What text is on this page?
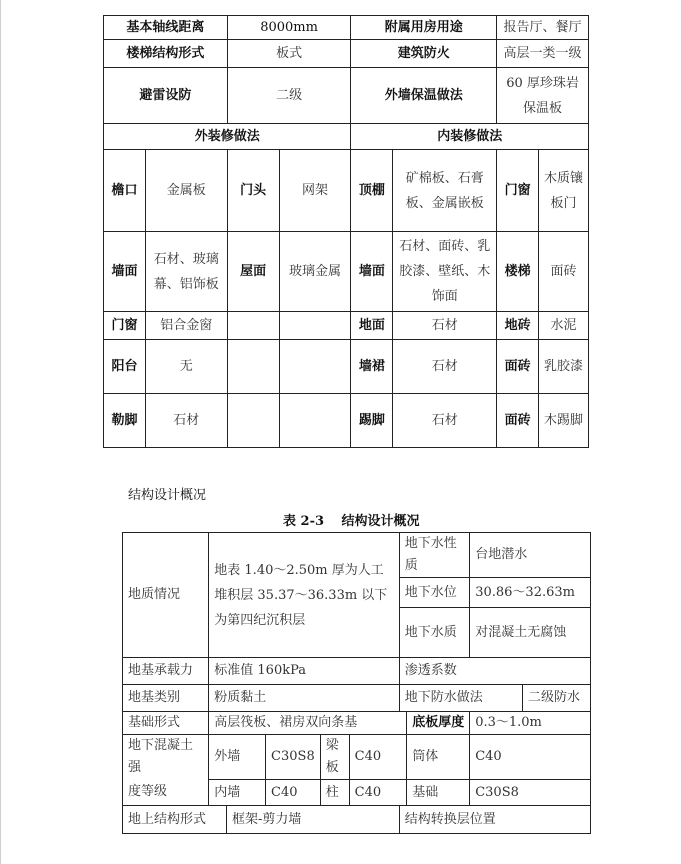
基本轴线距离		8000mm		附属用房用途		报告厅、餐厅	
楼梯结构形式		板式		建筑防火		高层一类一级	
避雷设防		二级		外墙保温做法		60 厚珍珠岩保温板	
外装修做法				内装修做法			
檐口	金属板	门头	网架	顶棚	矿棉板、石膏板、金属嵌板	门窗	木质镶板门
墙面	石材、玻璃幕、铝饰板	屋面	玻璃金属	墙面	石材、面砖、乳胶漆、壁纸、木饰面	楼梯	面砖
门窗	铝合金窗			地面	石材	地砖	水泥
阳台	无			墙裙	石材	面砖	乳胶漆
勒脚	石材			踢脚	石材	面砖	木踢脚
结构设计概况
表 2-3　 结构设计概况
地质情况	地表 1.40～2.50m 厚为人工堆积层 35.37～36.33m 以下为第四纪沉积层					地下水性质		台地潜水	
						地下水位		30.86～32.63m	
						地下水质		对混凝土无腐蚀	
地基承载力	标准值 160kPa					渗透系数			
地基类别	粉质黏土					地下防水做法			二级防水
基础形式	高层筏板、裙房双向条基						底板厚度	0.3～1.0m	
地下混凝土强	外墙		C30S8	梁板	C40		筒体	C40	
度等级	内墙		C40	柱	C40		基础	C30S8	
地上结构形式		框架-剪力墙				结构转换层位置			
